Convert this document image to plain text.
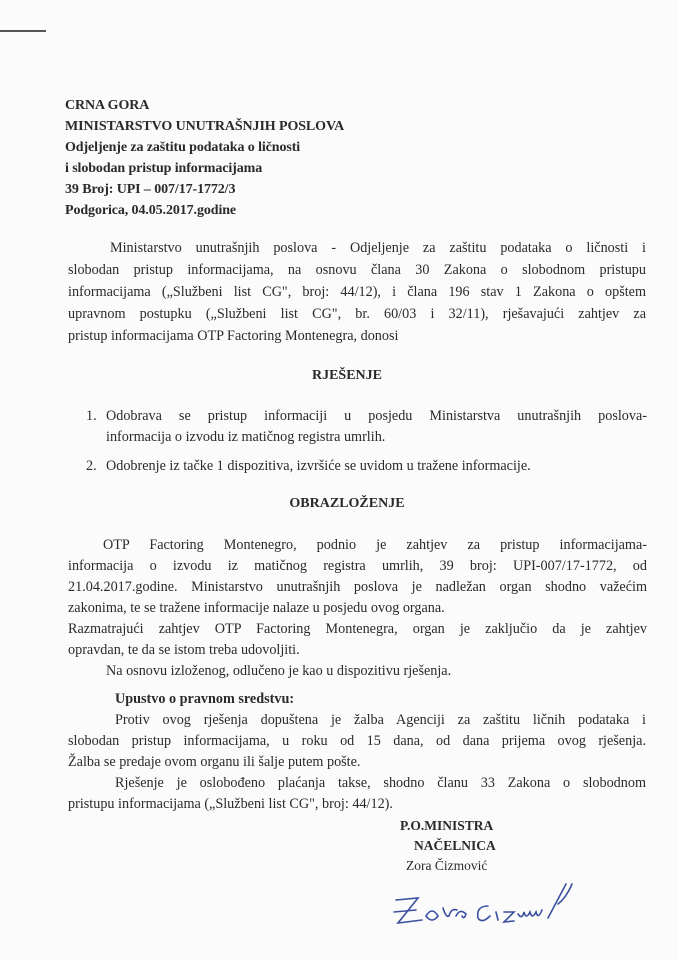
CRNA GORA
MINISTARSTVO UNUTRAŠNJIH POSLOVA
Odjeljenje za zaštitu podataka o ličnosti
i slobodan pristup informacijama
39 Broj: UPI – 007/17-1772/3
Podgorica, 04.05.2017.godine
Ministarstvo unutrašnjih poslova - Odjeljenje za zaštitu podataka o ličnosti i
slobodan pristup informacijama, na osnovu člana 30 Zakona o slobodnom pristupu
informacijama („Službeni list CG", broj: 44/12), i člana 196 stav 1 Zakona o opštem
upravnom postupku („Službeni list CG", br. 60/03 i 32/11), rješavajući zahtjev za
pristup informacijama OTP Factoring Montenegra, donosi
RJEŠENJE
1. Odobrava se pristup informaciji u posjedu Ministarstva unutrašnjih poslova-
informacija o izvodu iz matičnog registra umrlih.
2. Odobrenje iz tačke 1 dispozitiva, izvršiće se uvidom u tražene informacije.
OBRAZLOŽENJE
OTP Factoring Montenegro, podnio je zahtjev za pristup informacijama-
informacija o izvodu iz matičnog registra umrlih, 39 broj: UPI-007/17-1772, od
21.04.2017.godine. Ministarstvo unutrašnjih poslova je nadležan organ shodno važećim
zakonima, te se tražene informacije nalaze u posjedu ovog organa.
Razmatrajući zahtjev OTP Factoring Montenegra, organ je zaključio da je zahtjev
opravdan, te da se istom treba udovoljiti.
Na osnovu izloženog, odlučeno je kao u dispozitivu rješenja.
Upustvo o pravnom sredstvu:
Protiv ovog rješenja dopuštena je žalba Agenciji za zaštitu ličnih podataka i
slobodan pristup informacijama, u roku od 15 dana, od dana prijema ovog rješenja.
Žalba se predaje ovom organu ili šalje putem pošte.
Rješenje je oslobođeno plaćanja takse, shodno članu 33 Zakona o slobodnom
pristupu informacijama („Službeni list CG", broj: 44/12).
P.O.MINISTRA
NAČELNICA
Zora Čizmović
